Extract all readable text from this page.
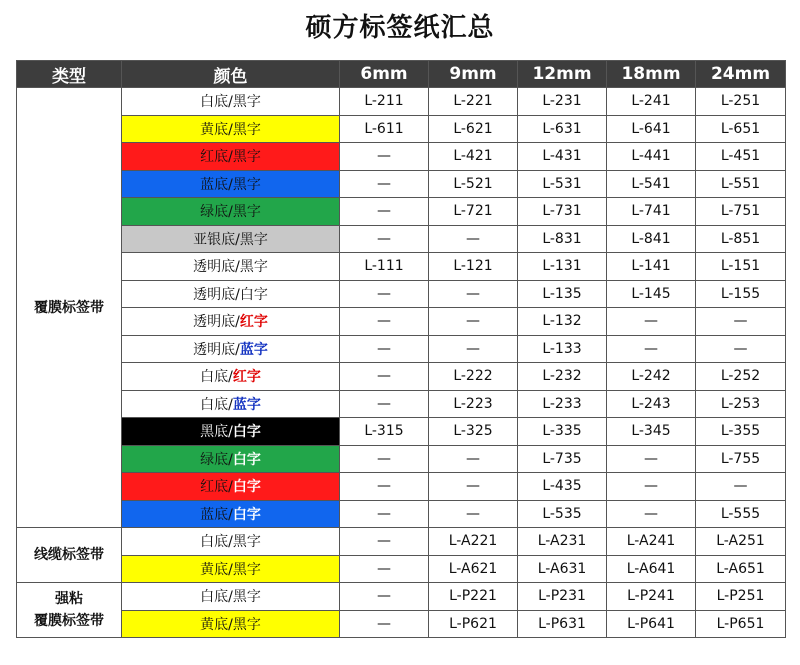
硕方标签纸汇总
类型	颜色	6mm	9mm	12mm	18mm	24mm
覆膜标签带	白底/黑字	L-211	L-221	L-231	L-241	L-251
	黄底/黑字	L-611	L-621	L-631	L-641	L-651
	红底/黑字	—	L-421	L-431	L-441	L-451
	蓝底/黑字	—	L-521	L-531	L-541	L-551
	绿底/黑字	—	L-721	L-731	L-741	L-751
	亚银底/黑字	—	—	L-831	L-841	L-851
	透明底/黑字	L-111	L-121	L-131	L-141	L-151
	透明底/白字	—	—	L-135	L-145	L-155
	透明底/红字	—	—	L-132	—	—
	透明底/蓝字	—	—	L-133	—	—
	白底/红字	—	L-222	L-232	L-242	L-252
	白底/蓝字	—	L-223	L-233	L-243	L-253
	黑底/白字	L-315	L-325	L-335	L-345	L-355
	绿底/白字	—	—	L-735	—	L-755
	红底/白字	—	—	L-435	—	—
	蓝底/白字	—	—	L-535	—	L-555
线缆标签带	白底/黑字	—	L-A221	L-A231	L-A241	L-A251
	黄底/黑字	—	L-A621	L-A631	L-A641	L-A651
强粘
覆膜标签带	白底/黑字	—	L-P221	L-P231	L-P241	L-P251
	黄底/黑字	—	L-P621	L-P631	L-P641	L-P651
